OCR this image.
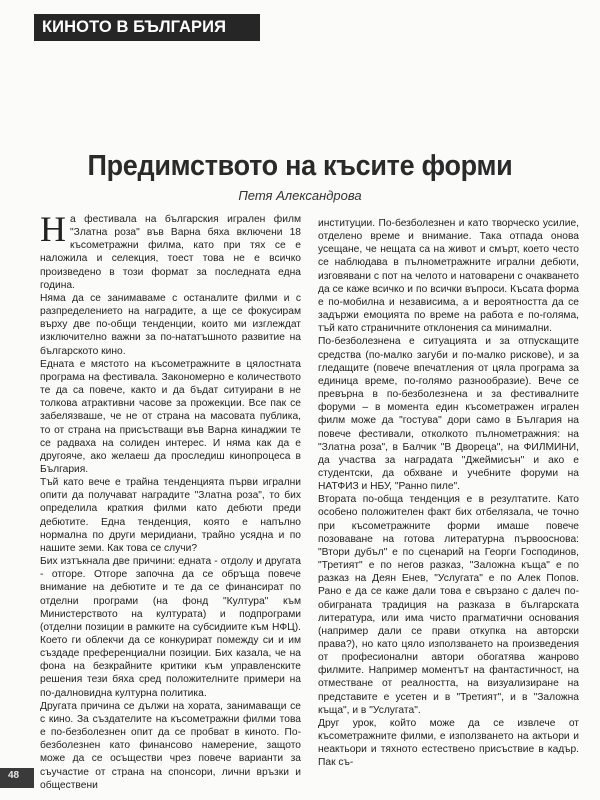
КИНОТО В БЪЛГАРИЯ
Предимството на късите форми
Петя Александрова

На фестивала на българския игрален филм "Златна роза" във Варна бяха включени 18 късометражни филма, като при тях се е наложила и селекция, тоест това не е всичко произведено в този формат за последната една година.

Няма да се занимаваме с останалите филми и с разпределението на наградите, а ще се фокусирам върху две по-общи тенденции, които ми изглеждат изключително важни за по-нататъшното развитие на българското кино.

Едната е мястото на късометражните в цялостната програма на фестивала. Закономерно е количеството те да са повече, както и да бъдат ситуирани в не толкова атрактивни часове за прожекции. Все пак се забелязваше, че не от страна на масовата публика, то от страна на присъстващи във Варна кинаджии те се радваха на солиден интерес. И няма как да е другояче, ако желаеш да проследиш кинопроцеса в България.

Тъй като вече е трайна тенденцията първи игрални опити да получават наградите "Златна роза", то бих определила краткия филми като дебюти преди дебютите. Една тенденция, която е напълно нормална по други меридиани, трайно усядна и по нашите земи. Как това се случи?

Бих изтъкнала две причини: едната - отдолу и другата - отгоре. Отгоре започна да се обръща повече внимание на дебютите и те да се финансират по отделни програми (на фонд "Култура" към Министерството на културата) и подпрограми (отделни позиции в рамките на субсидиите към НФЦ). Което ги облекчи да се конкурират помежду си и им създаде преференциални позиции. Бих казала, че на фона на безкрайните критики към управленските решения тези бяха сред положителните примери на по-далновидна културна политика.

Другата причина се дължи на хората, занимаващи се с кино. За създателите на късометражни филми това е по-безболезнен опит да се пробват в киното. По-безболезнен като финансово намерение, защото може да се осъществи чрез повече варианти за съучастие от страна на спонсори, лични връзки и обществени

институции. По-безболезнен и като творческо усилие, отделено време и внимание. Така отпада онова усещане, че нещата са на живот и смърт, което често се наблюдава в пълнометражните игрални дебюти, изговявани с пот на челото и натоварени с очакването да се каже всичко и по всички въпроси. Късата форма е по-мобилна и независима, а и вероятността да се задържи емоцията по време на работа е по-голяма, тъй като страничните отклонения са минимални.

По-безболезнена е ситуацията и за отпускащите средства (по-малко загуби и по-малко рискове), и за гледащите (повече впечатления от цяла програма за единица време, по-голямо разнообразие). Вече се превърна в по-безболезнена и за фестивалните форуми – в момента един късометражен игрален филм може да "гостува" дори само в България на повече фестивали, отколкото пълнометражния: на "Златна роза", в Балчик "В Двореца", на ФИЛМИНИ, да участва за наградата "Джеймисън" и ако е студентски, да обхване и учебните форуми на НАТФИЗ и НБУ, "Ранно пиле".

Втората по-обща тенденция е в резултатите. Като особено положителен факт бих отбелязала, че точно при късометражните форми имаше повече позоваване на готова литературна първооснова: "Втори дубъл" е по сценарий на Георги Господинов, "Третият" е по негов разказ, "Заложна къща" е по разказ на Деян Енев, "Услугата" е по Алек Попов. Рано е да се каже дали това е свързано с далеч по-обиграната традиция на разказа в българската литература, или има чисто прагматични основания (например дали се прави откупка на авторски права?), но като цяло използването на произведения от професионални автори обогатява жанрово филмите. Например моментът на фантастичност, на отместване от реалността, на визуализиране на представите е усетен и в "Третият", и в "Заложна къща", и в "Услугата".

Друг урок, който може да се извлече от късометражните филми, е използването на актьори и неактьори и тяхното естествено присъствие в кадър. Пак съ-

48
